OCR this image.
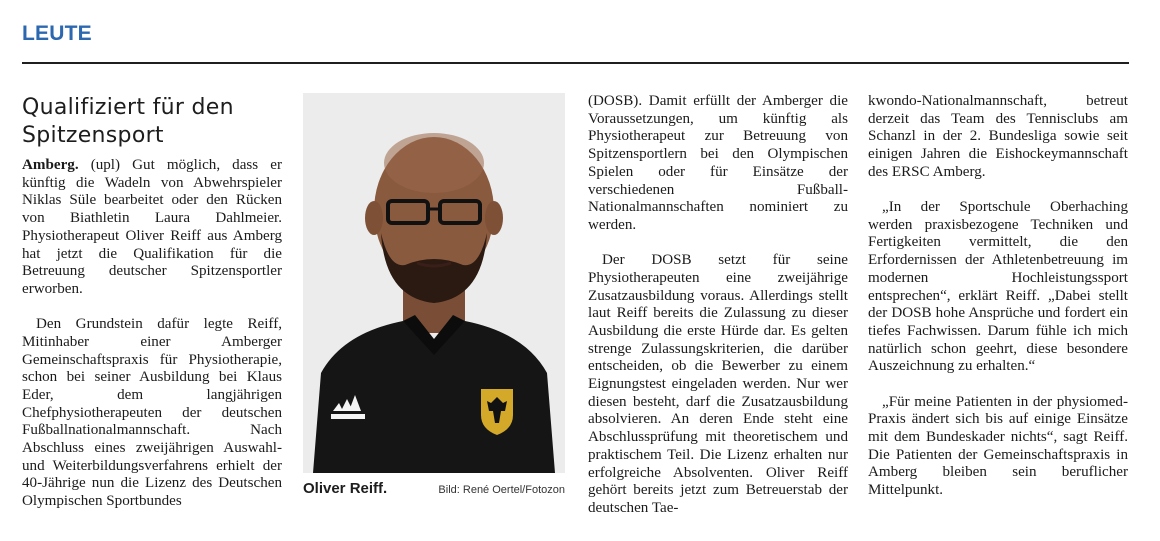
LEUTE
Qualifiziert für den Spitzensport

Amberg. (upl) Gut möglich, dass er künftig die Wadeln von Abwehrspieler Niklas Süle bearbeitet oder den Rücken von Biathletin Laura Dahlmeier. Physiotherapeut Oliver Reiff aus Amberg hat jetzt die Qualifikation für die Betreuung deutscher Spitzensportler erworben.

Den Grundstein dafür legte Reiff, Mitinhaber einer Amberger Gemeinschaftspraxis für Physiotherapie, schon bei seiner Ausbildung bei Klaus Eder, dem langjährigen Chefphysiotherapeuten der deutschen Fußballnationalmannschaft. Nach Abschluss eines zweijährigen Auswahl- und Weiterbildungsverfahrens erhielt der 40-Jährige nun die Lizenz des Deutschen Olympischen Sportbundes

Oliver Reiff.	Bild: René Oertel/Fotozon

(DOSB). Damit erfüllt der Amberger die Voraussetzungen, um künftig als Physiotherapeut zur Betreuung von Spitzensportlern bei den Olympischen Spielen oder für Einsätze der verschiedenen Fußball-Nationalmannschaften nominiert zu werden.

Der DOSB setzt für seine Physiotherapeuten eine zweijährige Zusatzausbildung voraus. Allerdings stellt laut Reiff bereits die Zulassung zu dieser Ausbildung die erste Hürde dar. Es gelten strenge Zulassungskriterien, die darüber entscheiden, ob die Bewerber zu einem Eignungstest eingeladen werden. Nur wer diesen besteht, darf die Zusatzausbildung absolvieren. An deren Ende steht eine Abschlussprüfung mit theoretischem und praktischem Teil. Die Lizenz erhalten nur erfolgreiche Absolventen. Oliver Reiff gehört bereits jetzt zum Betreuerstab der deutschen Tae-

kwondo-Nationalmannschaft, betreut derzeit das Team des Tennisclubs am Schanzl in der 2. Bundesliga sowie seit einigen Jahren die Eishockeymannschaft des ERSC Amberg.

„In der Sportschule Oberhaching werden praxisbezogene Techniken und Fertigkeiten vermittelt, die den Erfordernissen der Athletenbetreuung im modernen Hochleistungssport entsprechen“, erklärt Reiff. „Dabei stellt der DOSB hohe Ansprüche und fordert ein tiefes Fachwissen. Darum fühle ich mich natürlich schon geehrt, diese besondere Auszeichnung zu erhalten.“

„Für meine Patienten in der physiomed-Praxis ändert sich bis auf einige Einsätze mit dem Bundeskader nichts“, sagt Reiff. Die Patienten der Gemeinschaftspraxis in Amberg bleiben sein beruflicher Mittelpunkt.
